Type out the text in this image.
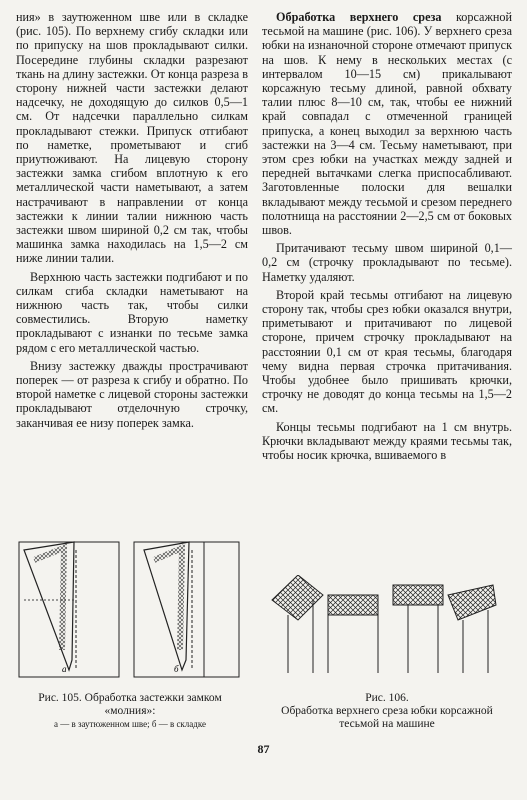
ния» в заутюженном шве или в складке (рис. 105). По верхнему сгибу складки или по припуску на шов прокладывают силки. Посередине глубины складки разрезают ткань на длину застежки. От конца разреза в сторону нижней части застежки делают надсечку, не доходящую до силков 0,5—1 см. От надсечки параллельно силкам прокладывают стежки. Припуск отгибают по наметке, прометывают и сгиб приутюживают. На лицевую сторону застежки замка сгибом вплотную к его металлической части наметывают, а затем настрачивают в направлении от конца застежки к линии талии нижнюю часть застежки швом шириной 0,2 см так, чтобы машинка замка находилась на 1,5—2 см ниже линии талии.

Верхнюю часть застежки подгибают и по силкам сгиба складки наметывают на нижнюю часть так, чтобы силки совместились. Вторую наметку прокладывают с изнанки по тесьме замка рядом с его металлической частью.

Внизу застежку дважды прострачивают поперек — от разреза к сгибу и обратно. По второй наметке с лицевой стороны застежки прокладывают отделочную строчку, заканчивая ее низу поперек замка.

Обработка верхнего среза корсажной тесьмой на машине (рис. 106). У верхнего среза юбки на изнаночной стороне отмечают припуск на шов. К нему в нескольких местах (с интервалом 10—15 см) прикалывают корсажную тесьму длиной, равной обхвату талии плюс 8—10 см, так, чтобы ее нижний край совпадал с отмеченной границей припуска, а конец выходил за верхнюю часть застежки на 3—4 см. Тесьму наметывают, при этом срез юбки на участках между задней и передней вытачками слегка приспосабливают. Заготовленные полоски для вешалки вкладывают между тесьмой и срезом переднего полотнища на расстоянии 2—2,5 см от боковых швов.

Притачивают тесьму швом шириной 0,1—0,2 см (строчку прокладывают по тесьме). Наметку удаляют.

Второй край тесьмы отгибают на лицевую сторону так, чтобы срез юбки оказался внутри, приметывают и притачивают по лицевой стороне, причем строчку прокладывают на расстоянии 0,1 см от края тесьмы, благодаря чему видна первая строчка притачивания. Чтобы удобнее было пришивать крючки, строчку не доводят до конца тесьмы на 1,5—2 см.

Концы тесьмы подгибают на 1 см внутрь. Крючки вкладывают между краями тесьмы так, чтобы носик крючка, вшиваемого в

а	б
Рис. 105. Обработка застежки замком «молния»:
а — в заутюженном шве; б — в складке
Рис. 106.
Обработка верхнего среза юбки корсажной тесьмой на машине
87
